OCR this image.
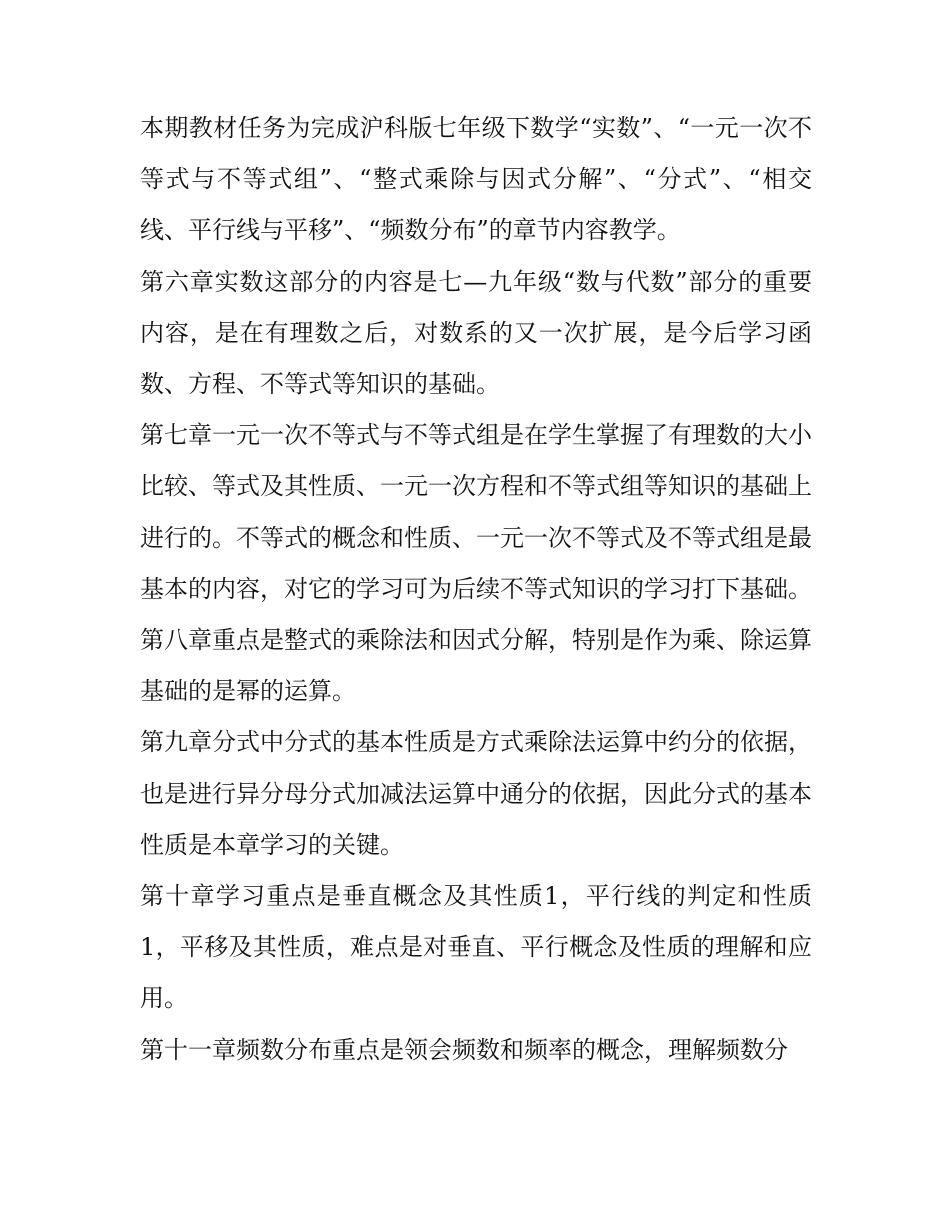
本期教材任务为完成沪科版七年级下数学“实数”、“一元一次不等式与不等式组”、“整式乘除与因式分解”、“分式”、“相交线、平行线与平移”、“频数分布”的章节内容教学。

第六章实数这部分的内容是七—九年级“数与代数”部分的重要内容，是在有理数之后，对数系的又一次扩展，是今后学习函数、方程、不等式等知识的基础。

第七章一元一次不等式与不等式组是在学生掌握了有理数的大小比较、等式及其性质、一元一次方程和不等式组等知识的基础上进行的。不等式的概念和性质、一元一次不等式及不等式组是最基本的内容，对它的学习可为后续不等式知识的学习打下基础。

第八章重点是整式的乘除法和因式分解，特别是作为乘、除运算基础的是幂的运算。

第九章分式中分式的基本性质是方式乘除法运算中约分的依据，也是进行异分母分式加减法运算中通分的依据，因此分式的基本性质是本章学习的关键。

第十章学习重点是垂直概念及其性质1，平行线的判定和性质1，平移及其性质，难点是对垂直、平行概念及性质的理解和应用。

第十一章频数分布重点是领会频数和频率的概念，理解频数分
